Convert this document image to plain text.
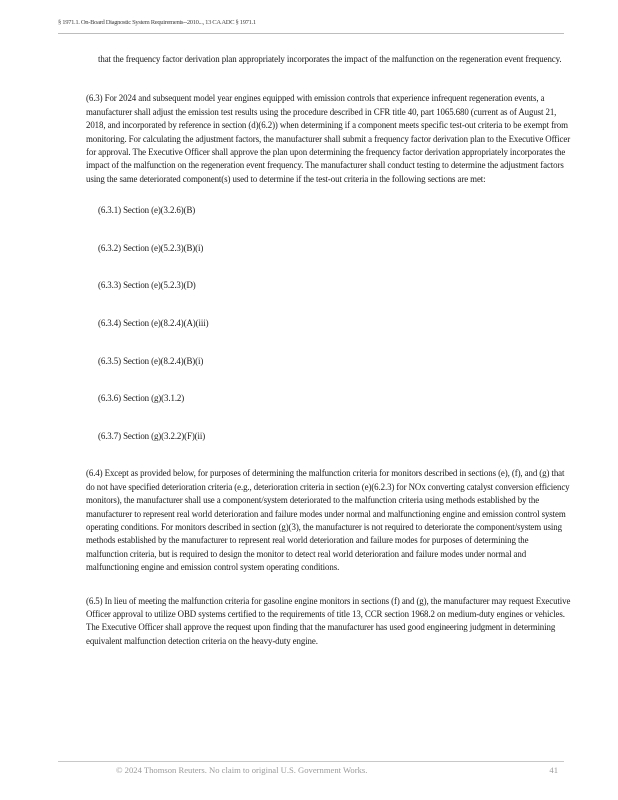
§ 1971.1. On-Board Diagnostic System Requirements--2010..., 13 CA ADC § 1971.1

that the frequency factor derivation plan appropriately incorporates the impact of the malfunction on the regeneration event frequency.

(6.3) For 2024 and subsequent model year engines equipped with emission controls that experience infrequent regeneration events, a manufacturer shall adjust the emission test results using the procedure described in CFR title 40, part 1065.680 (current as of August 21, 2018, and incorporated by reference in section (d)(6.2)) when determining if a component meets specific test-out criteria to be exempt from monitoring. For calculating the adjustment factors, the manufacturer shall submit a frequency factor derivation plan to the Executive Officer for approval. The Executive Officer shall approve the plan upon determining the frequency factor derivation appropriately incorporates the impact of the malfunction on the regeneration event frequency. The manufacturer shall conduct testing to determine the adjustment factors using the same deteriorated component(s) used to determine if the test-out criteria in the following sections are met:

(6.3.1) Section (e)(3.2.6)(B)
(6.3.2) Section (e)(5.2.3)(B)(i)
(6.3.3) Section (e)(5.2.3)(D)
(6.3.4) Section (e)(8.2.4)(A)(iii)
(6.3.5) Section (e)(8.2.4)(B)(i)
(6.3.6) Section (g)(3.1.2)
(6.3.7) Section (g)(3.2.2)(F)(ii)

(6.4) Except as provided below, for purposes of determining the malfunction criteria for monitors described in sections (e), (f), and (g) that do not have specified deterioration criteria (e.g., deterioration criteria in section (e)(6.2.3) for NOx converting catalyst conversion efficiency monitors), the manufacturer shall use a component/system deteriorated to the malfunction criteria using methods established by the manufacturer to represent real world deterioration and failure modes under normal and malfunctioning engine and emission control system operating conditions. For monitors described in section (g)(3), the manufacturer is not required to deteriorate the component/system using methods established by the manufacturer to represent real world deterioration and failure modes for purposes of determining the malfunction criteria, but is required to design the monitor to detect real world deterioration and failure modes under normal and malfunctioning engine and emission control system operating conditions.

(6.5) In lieu of meeting the malfunction criteria for gasoline engine monitors in sections (f) and (g), the manufacturer may request Executive Officer approval to utilize OBD systems certified to the requirements of title 13, CCR section 1968.2 on medium-duty engines or vehicles. The Executive Officer shall approve the request upon finding that the manufacturer has used good engineering judgment in determining equivalent malfunction detection criteria on the heavy-duty engine.

© 2024 Thomson Reuters. No claim to original U.S. Government Works.	41
